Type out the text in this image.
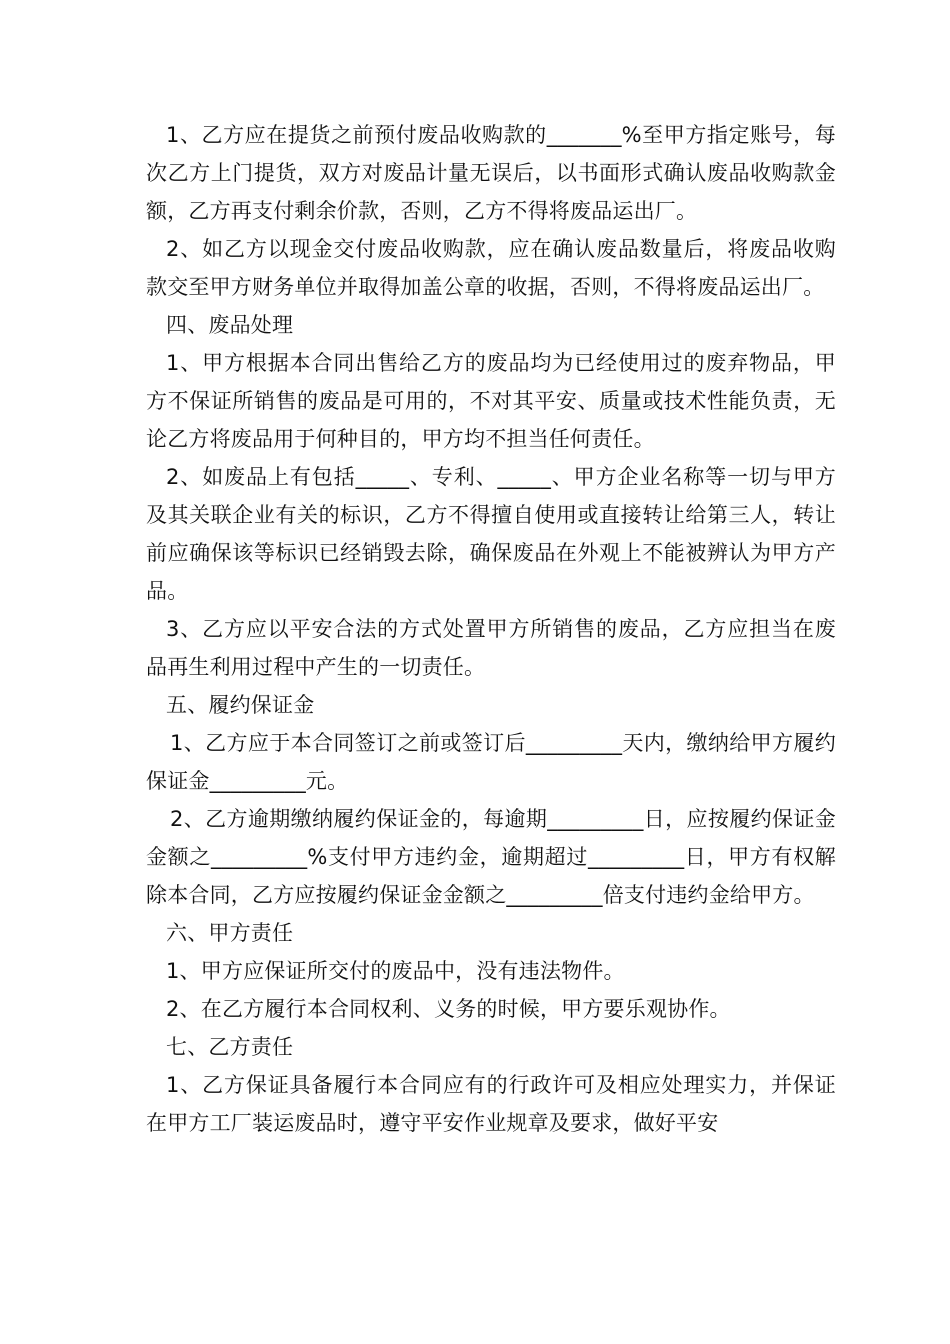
1、乙方应在提货之前预付废品收购款的_______%至甲方指定账号，每次乙方上门提货，双方对废品计量无误后，以书面形式确认废品收购款金额，乙方再支付剩余价款，否则，乙方不得将废品运出厂。

2、如乙方以现金交付废品收购款，应在确认废品数量后，将废品收购款交至甲方财务单位并取得加盖公章的收据，否则，不得将废品运出厂。

四、废品处理

1、甲方根据本合同出售给乙方的废品均为已经使用过的废弃物品，甲方不保证所销售的废品是可用的，不对其平安、质量或技术性能负责，无论乙方将废品用于何种目的，甲方均不担当任何责任。

2、如废品上有包括_____、专利、_____、甲方企业名称等一切与甲方及其关联企业有关的标识，乙方不得擅自使用或直接转让给第三人，转让前应确保该等标识已经销毁去除，确保废品在外观上不能被辨认为甲方产品。

3、乙方应以平安合法的方式处置甲方所销售的废品，乙方应担当在废品再生利用过程中产生的一切责任。

五、履约保证金

1、乙方应于本合同签订之前或签订后_________天内，缴纳给甲方履约保证金_________元。

2、乙方逾期缴纳履约保证金的，每逾期_________日，应按履约保证金金额之_________%支付甲方违约金，逾期超过_________日，甲方有权解除本合同，乙方应按履约保证金金额之_________倍支付违约金给甲方。

六、甲方责任

1、甲方应保证所交付的废品中，没有违法物件。

2、在乙方履行本合同权利、义务的时候，甲方要乐观协作。

七、乙方责任

1、乙方保证具备履行本合同应有的行政许可及相应处理实力，并保证在甲方工厂装运废品时，遵守平安作业规章及要求，做好平安
